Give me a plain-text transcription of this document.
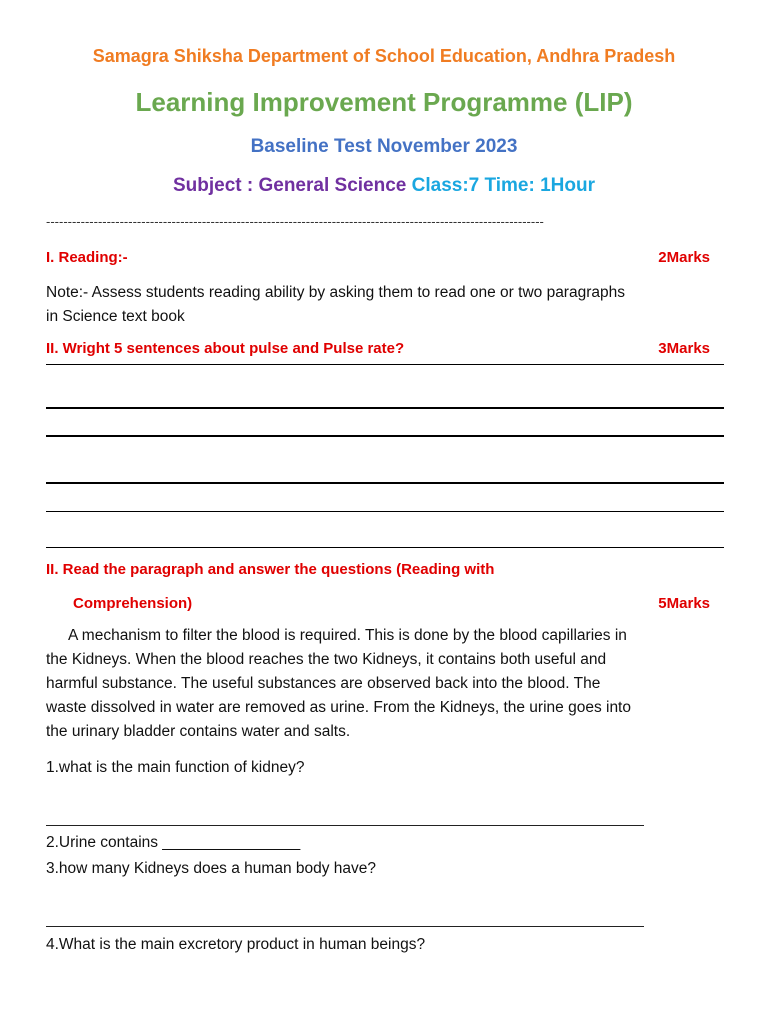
Samagra Shiksha Department of School Education, Andhra Pradesh
Learning Improvement Programme (LIP)
Baseline Test November 2023
Subject : General Science Class:7 Time: 1Hour
-------------------------------------------------------------------------------------------------------------------
I. Reading:-	2Marks
Note:- Assess students reading ability by asking them to read one or two paragraphs
in Science text book
II. Wright 5 sentences about pulse and Pulse rate?	3Marks
II. Read the paragraph and answer the questions (Reading with
Comprehension)	5Marks
A mechanism to filter the blood is required. This is done by the blood capillaries in
the Kidneys. When the blood reaches the two Kidneys, it contains both useful and
harmful substance. The useful substances are observed back into the blood. The
waste dissolved in water are removed as urine. From the Kidneys, the urine goes into
the urinary bladder contains water and salts.
1.what is the main function of kidney?
2.Urine contains ________________
3.how many Kidneys does a human body have?
4.What is the main excretory product in human beings?
